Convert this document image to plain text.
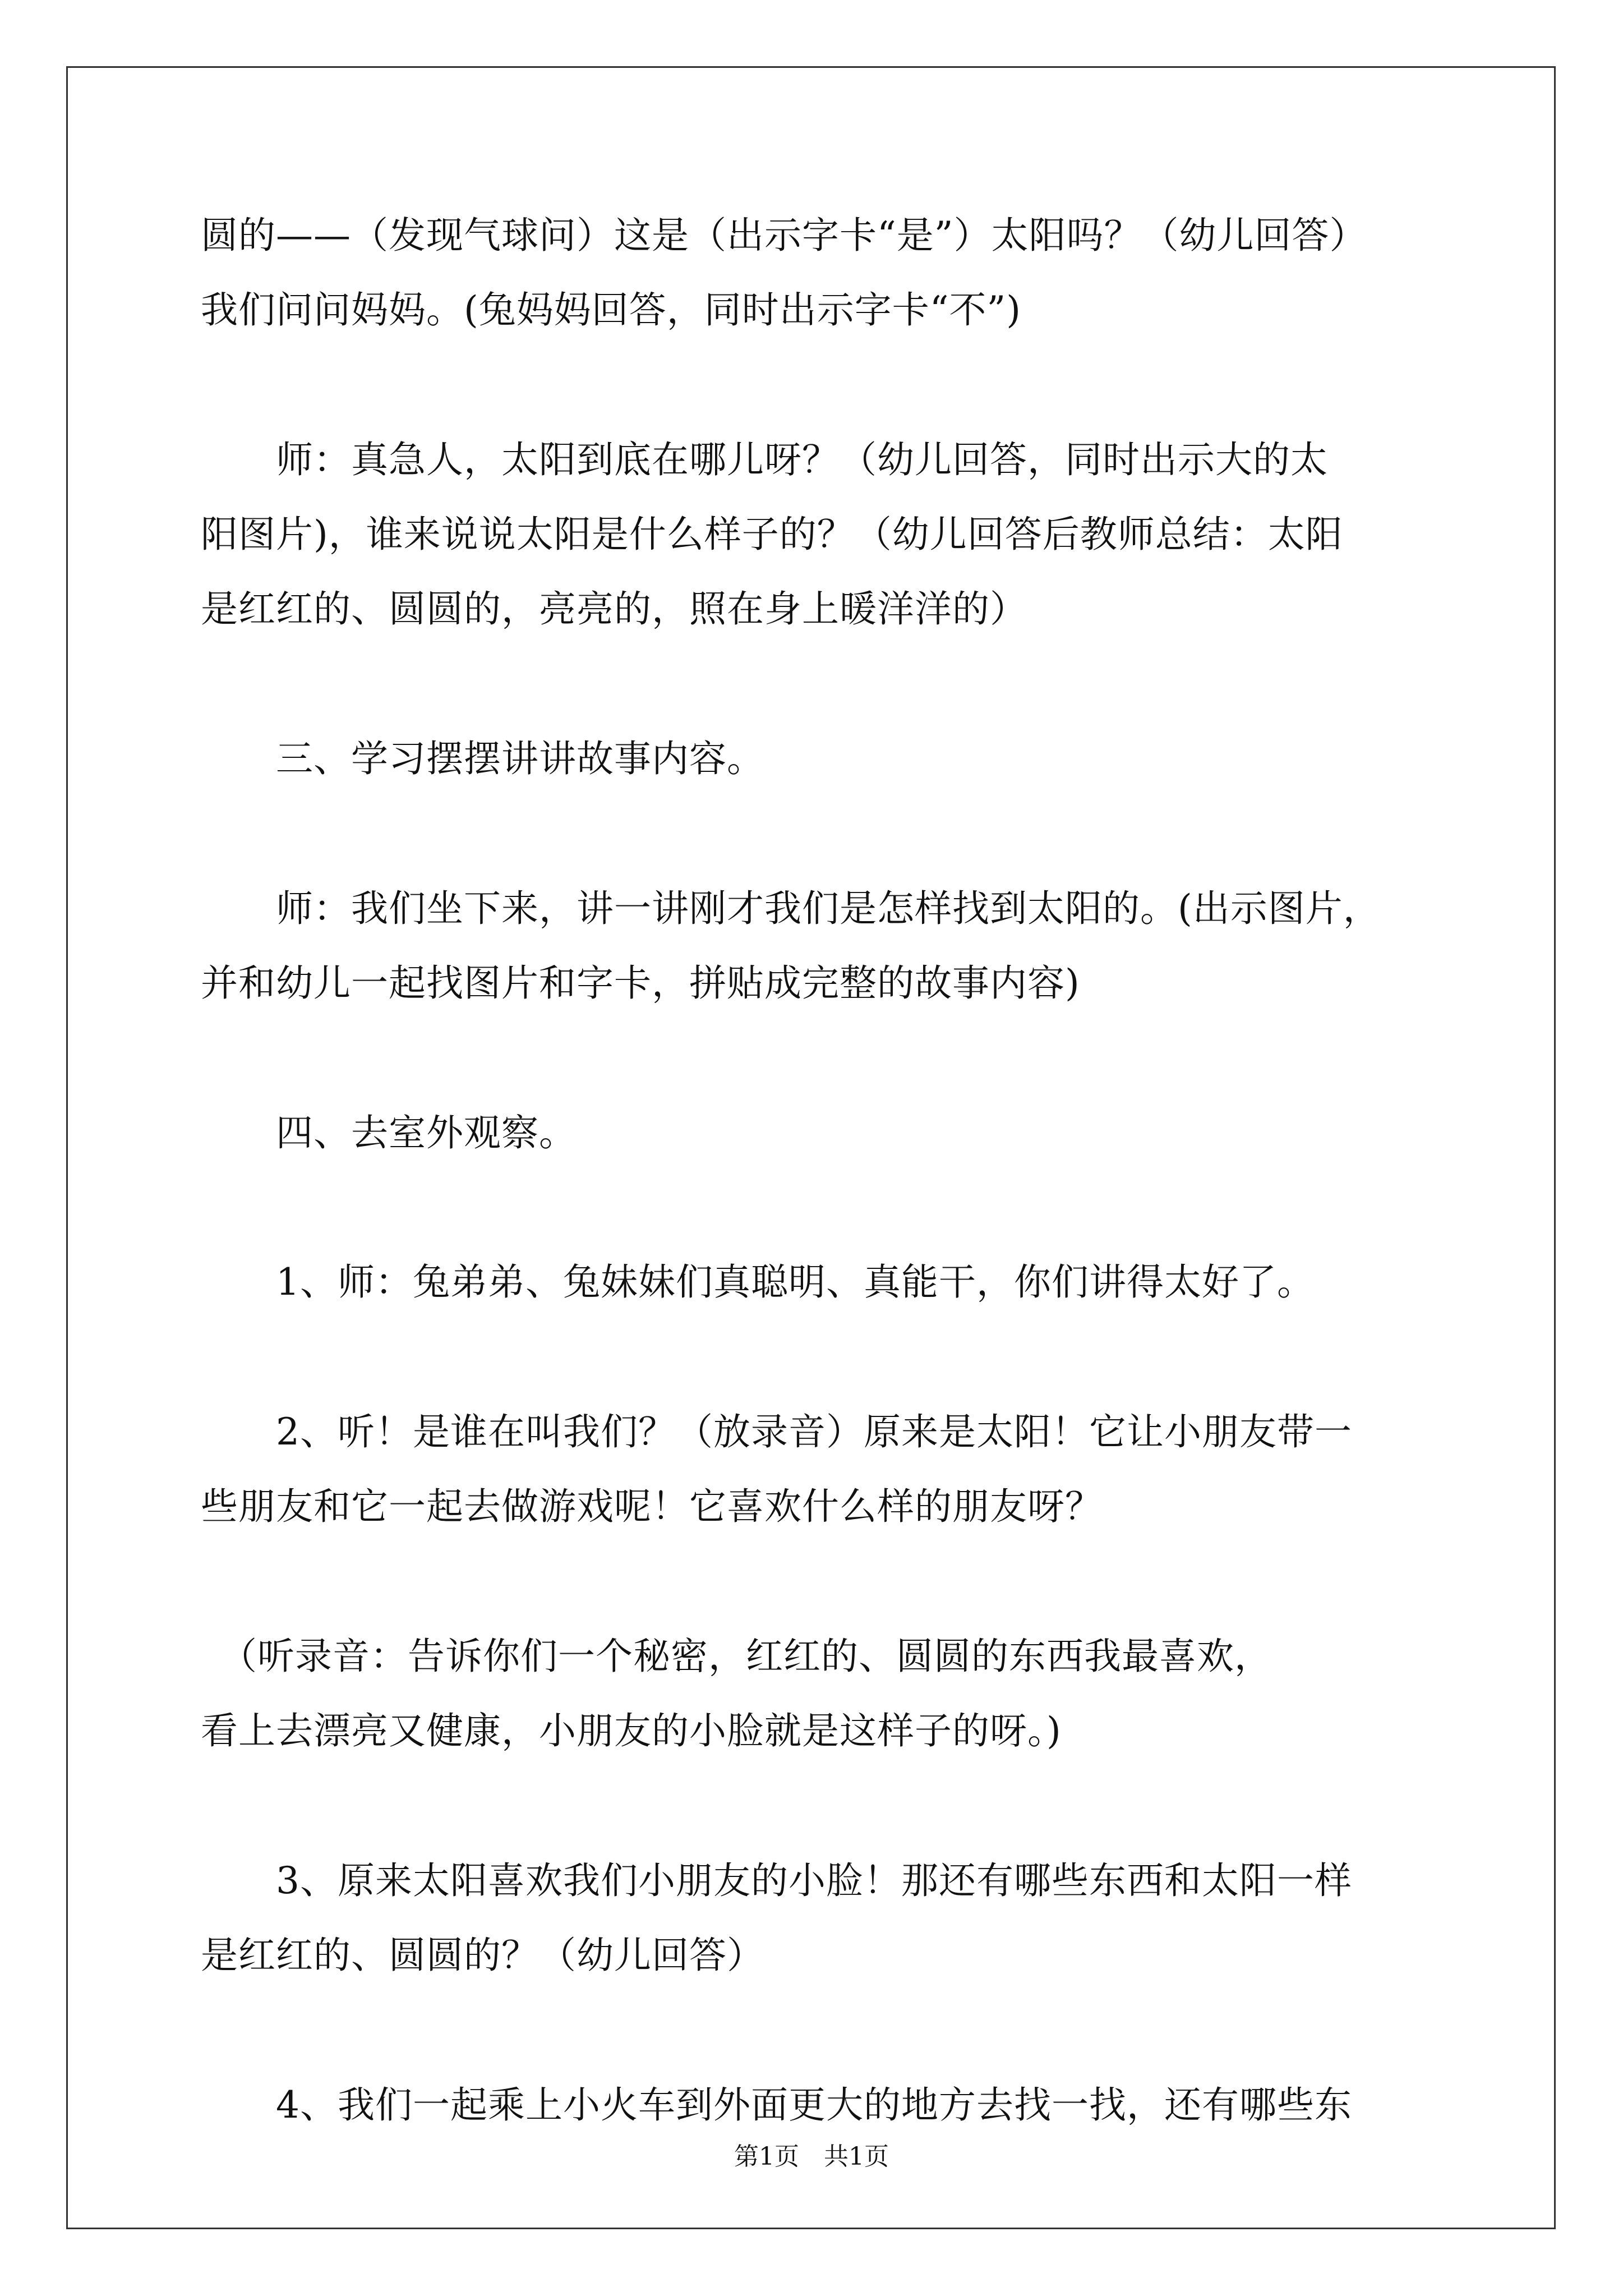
圆的——（发现气球问）这是（出示字卡“是”）太阳吗？（幼儿回答）
我们问问妈妈。(兔妈妈回答，同时出示字卡“不”)
　　师：真急人，太阳到底在哪儿呀？（幼儿回答，同时出示大的太
阳图片)，谁来说说太阳是什么样子的？（幼儿回答后教师总结：太阳
是红红的、圆圆的，亮亮的，照在身上暖洋洋的）
　　三、学习摆摆讲讲故事内容。
　　师：我们坐下来，讲一讲刚才我们是怎样找到太阳的。(出示图片，
并和幼儿一起找图片和字卡，拼贴成完整的故事内容)
　　四、去室外观察。
　　1、师：兔弟弟、兔妹妹们真聪明、真能干，你们讲得太好了。
　　2、听！是谁在叫我们？（放录音）原来是太阳！它让小朋友带一
些朋友和它一起去做游戏呢！它喜欢什么样的朋友呀？
　（听录音：告诉你们一个秘密，红红的、圆圆的东西我最喜欢，
看上去漂亮又健康，小朋友的小脸就是这样子的呀。)
　　3、原来太阳喜欢我们小朋友的小脸！那还有哪些东西和太阳一样
是红红的、圆圆的？（幼儿回答）
　　4、我们一起乘上小火车到外面更大的地方去找一找，还有哪些东
第1页　共1页
